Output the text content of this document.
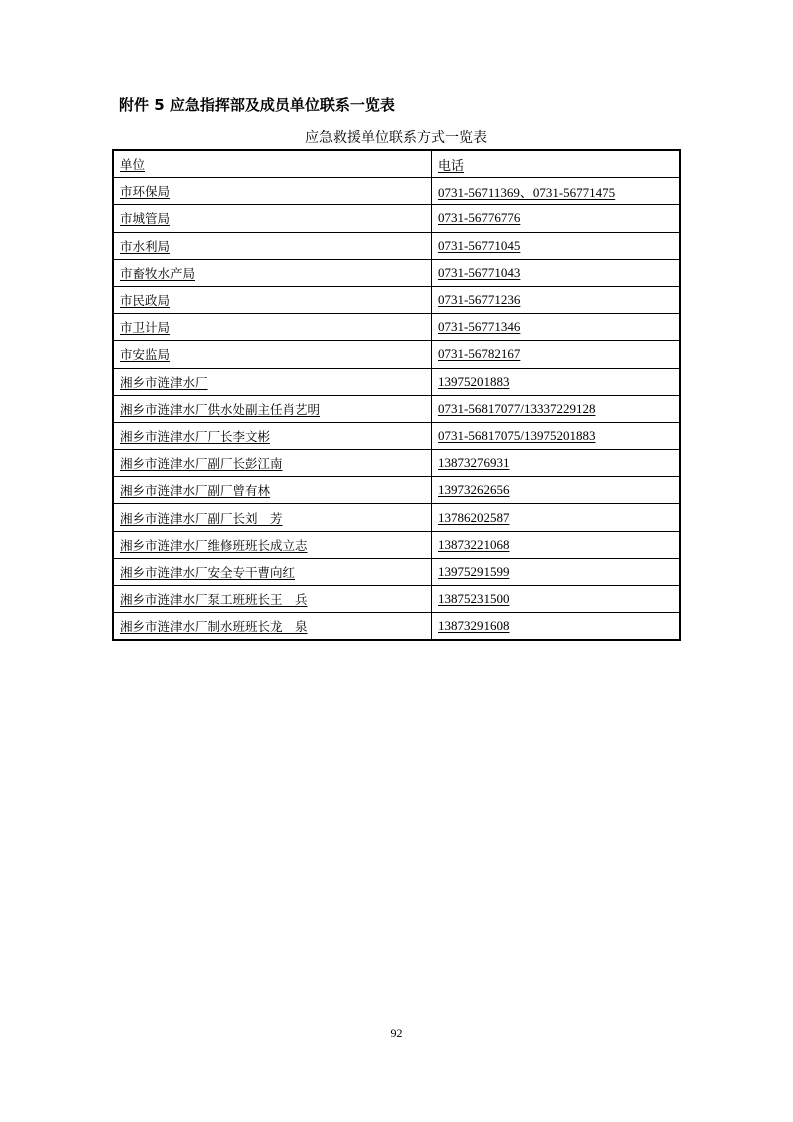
附件 5 应急指挥部及成员单位联系一览表
应急救援单位联系方式一览表
单位	电话
市环保局	0731-56711369、0731-56771475
市城管局	0731-56776776
市水利局	0731-56771045
市畜牧水产局	0731-56771043
市民政局	0731-56771236
市卫计局	0731-56771346
市安监局	0731-56782167
湘乡市涟津水厂	13975201883
湘乡市涟津水厂供水处副主任肖艺明	0731-56817077/13337229128
湘乡市涟津水厂厂长李文彬	0731-56817075/13975201883
湘乡市涟津水厂副厂长彭江南	13873276931
湘乡市涟津水厂副厂曾有林	13973262656
湘乡市涟津水厂副厂长刘　芳	13786202587
湘乡市涟津水厂维修班班长成立志	13873221068
湘乡市涟津水厂安全专干曹向红	13975291599
湘乡市涟津水厂泵工班班长王　兵	13875231500
湘乡市涟津水厂制水班班长龙　泉	13873291608
92
